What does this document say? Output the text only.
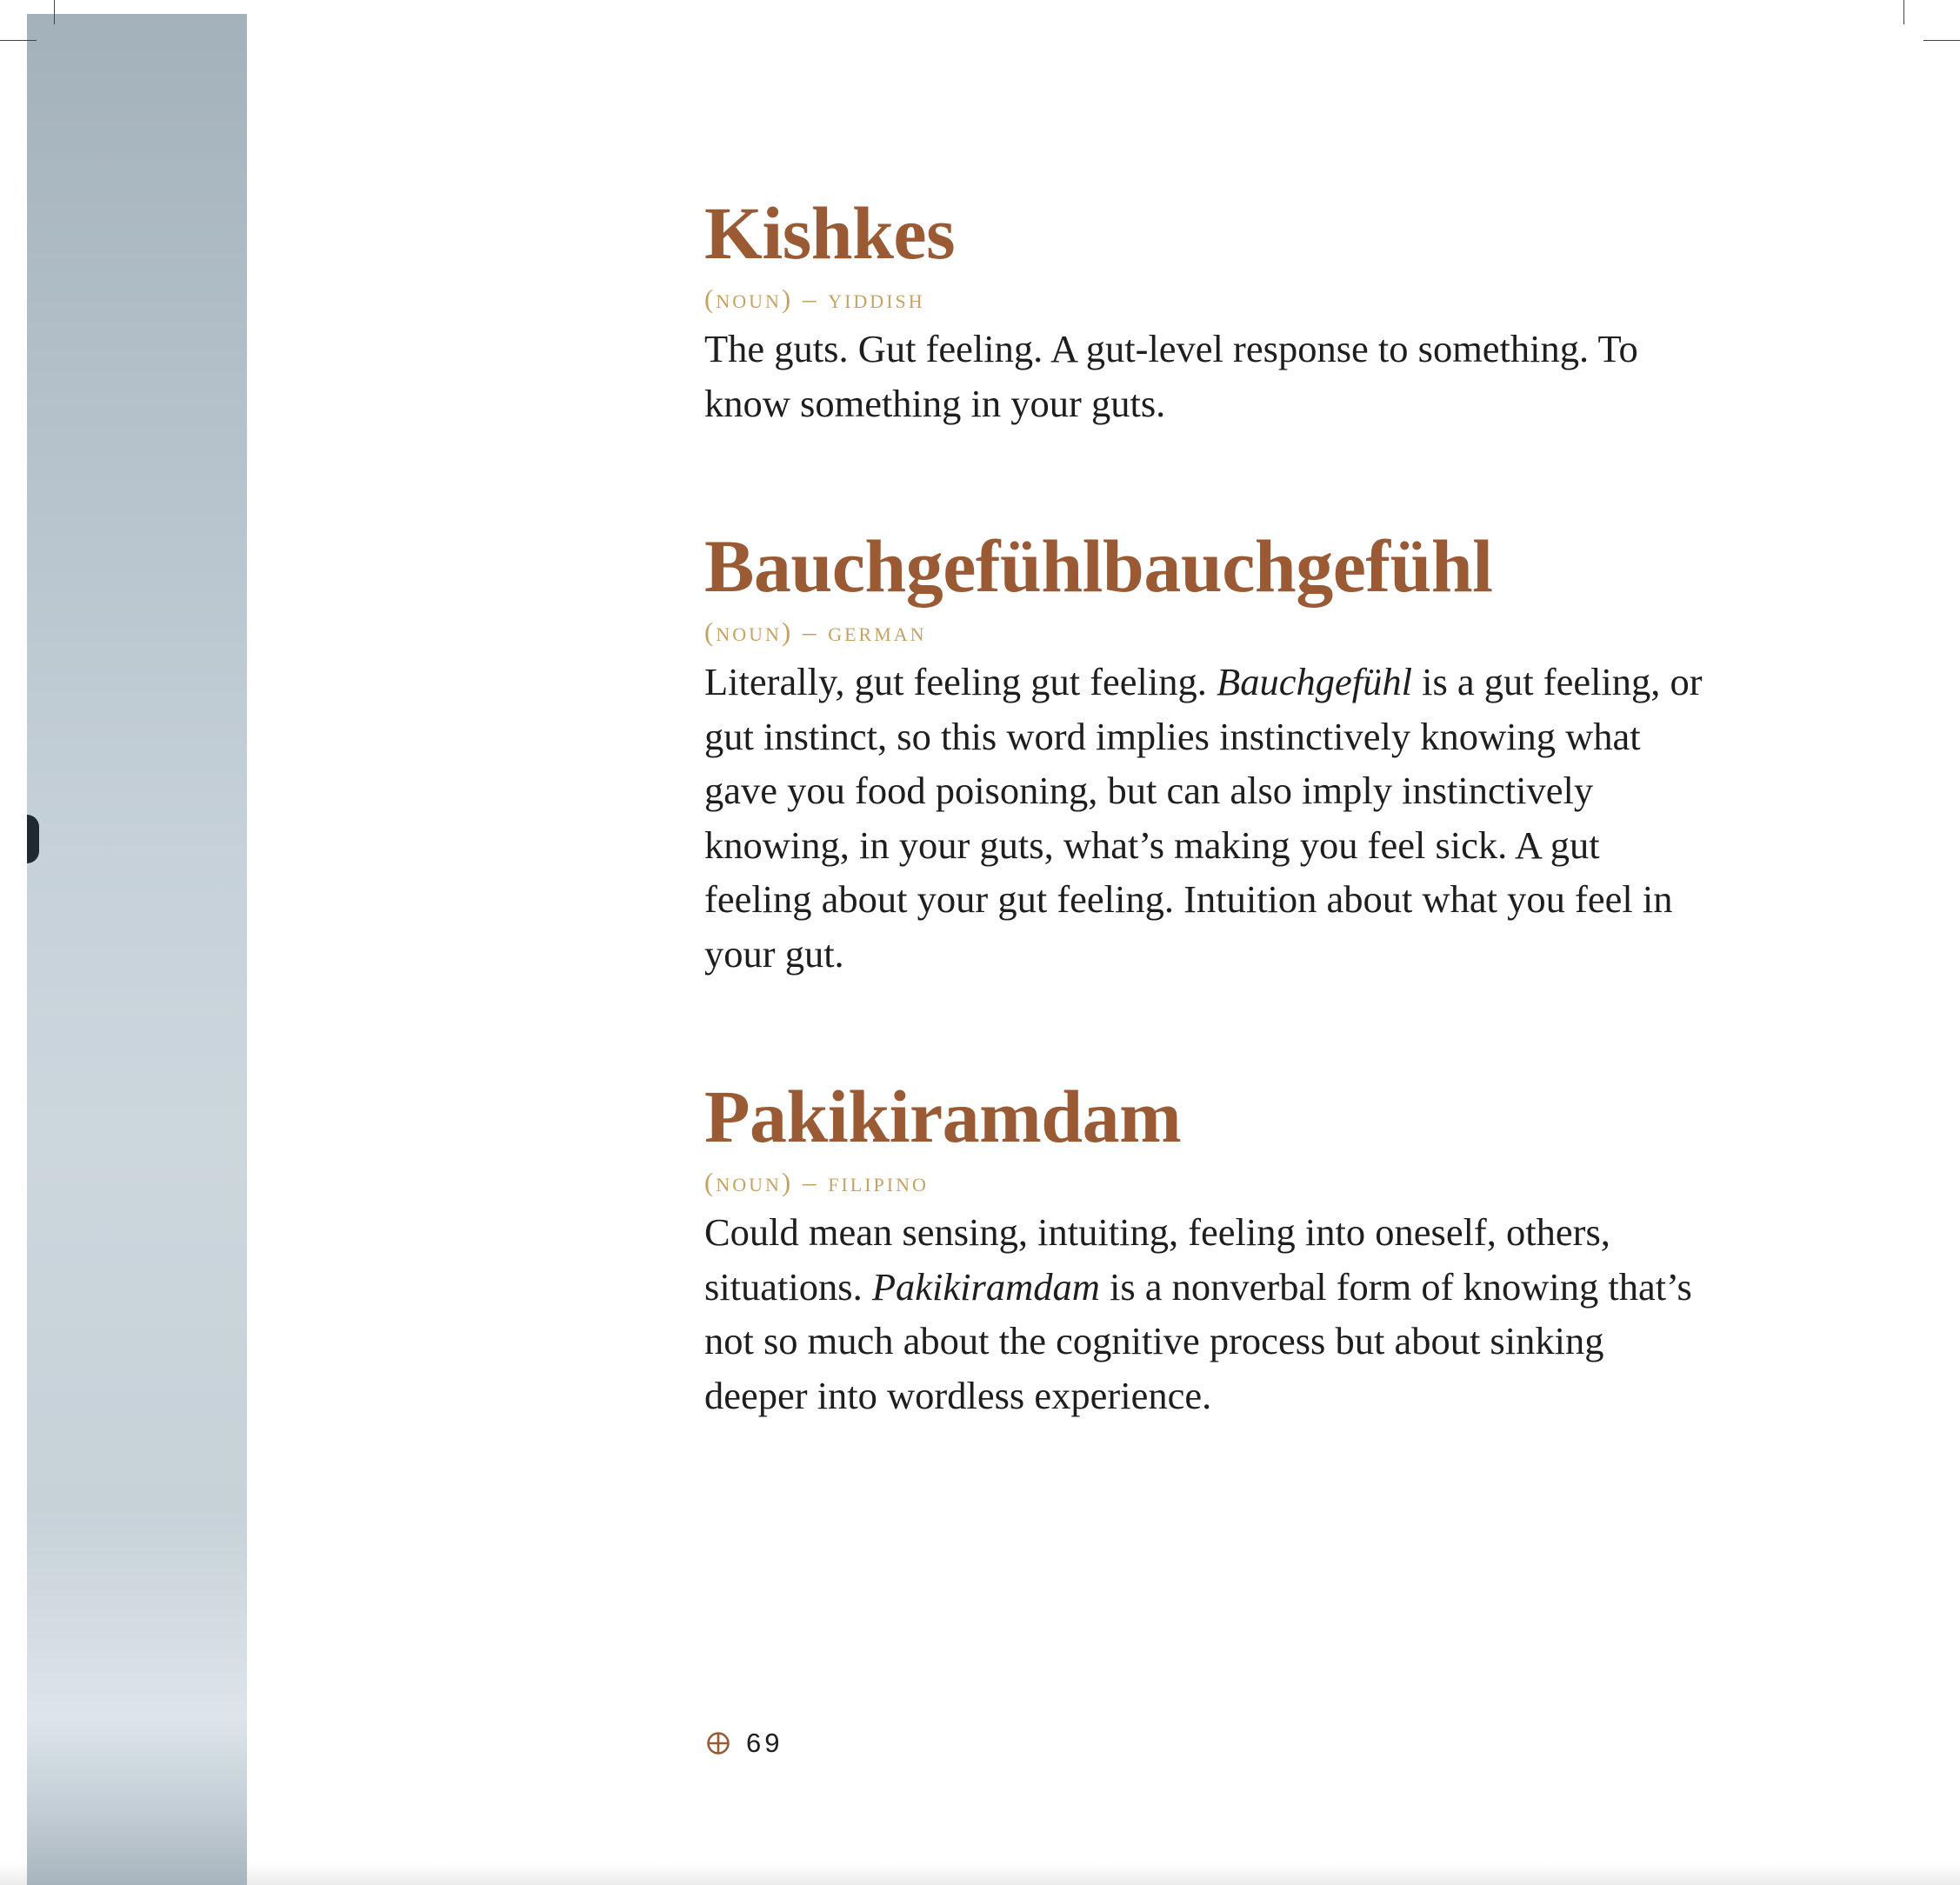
Kishkes
(noun) – yiddish

The guts. Gut feeling. A gut-level response to something. To know something in your guts.

Bauchgefühlbauchgefühl
(noun) – german

Literally, gut feeling gut feeling. Bauchgefühl is a gut feeling, or gut instinct, so this word implies instinctively knowing what gave you food poisoning, but can also imply instinctively knowing, in your guts, what’s making you feel sick. A gut feeling about your gut feeling. Intuition about what you feel in your gut.

Pakikiramdam
(noun) – filipino

Could mean sensing, intuiting, feeling into oneself, others, situations. Pakikiramdam is a nonverbal form of knowing that’s not so much about the cognitive process but about sinking deeper into wordless experience.

69
